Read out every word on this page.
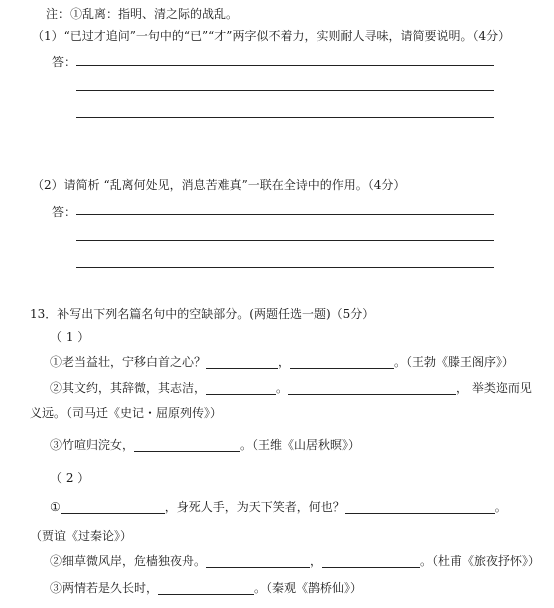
注：①乱离：指明、清之际的战乱。
（1）“已过才追问”一句中的“已”“才”两字似不着力，实则耐人寻味，请简要说明。（4分）
答：
（2）请简析 “乱离何处见，消息苦难真”一联在全诗中的作用。（4分）
答：
13．补写出下列名篇名句中的空缺部分。(两题任选一题)（5分）
（ 1 ）
①老当益壮，宁移白首之心？	，	。（王勃《滕王阁序》）
②其文约，其辞微，其志洁，	。	， 举类迩而见
义远。（司马迁《史记・屈原列传》）
③竹喧归浣女，	。（王维《山居秋暝》）
（ 2 ）
①	，身死人手，为天下笑者，何也？	。
（贾谊《过秦论》）
②细草微风岸，危樯独夜舟。	，	。（杜甫《旅夜抒怀》）
③两情若是久长时，	。（秦观《鹊桥仙》）
